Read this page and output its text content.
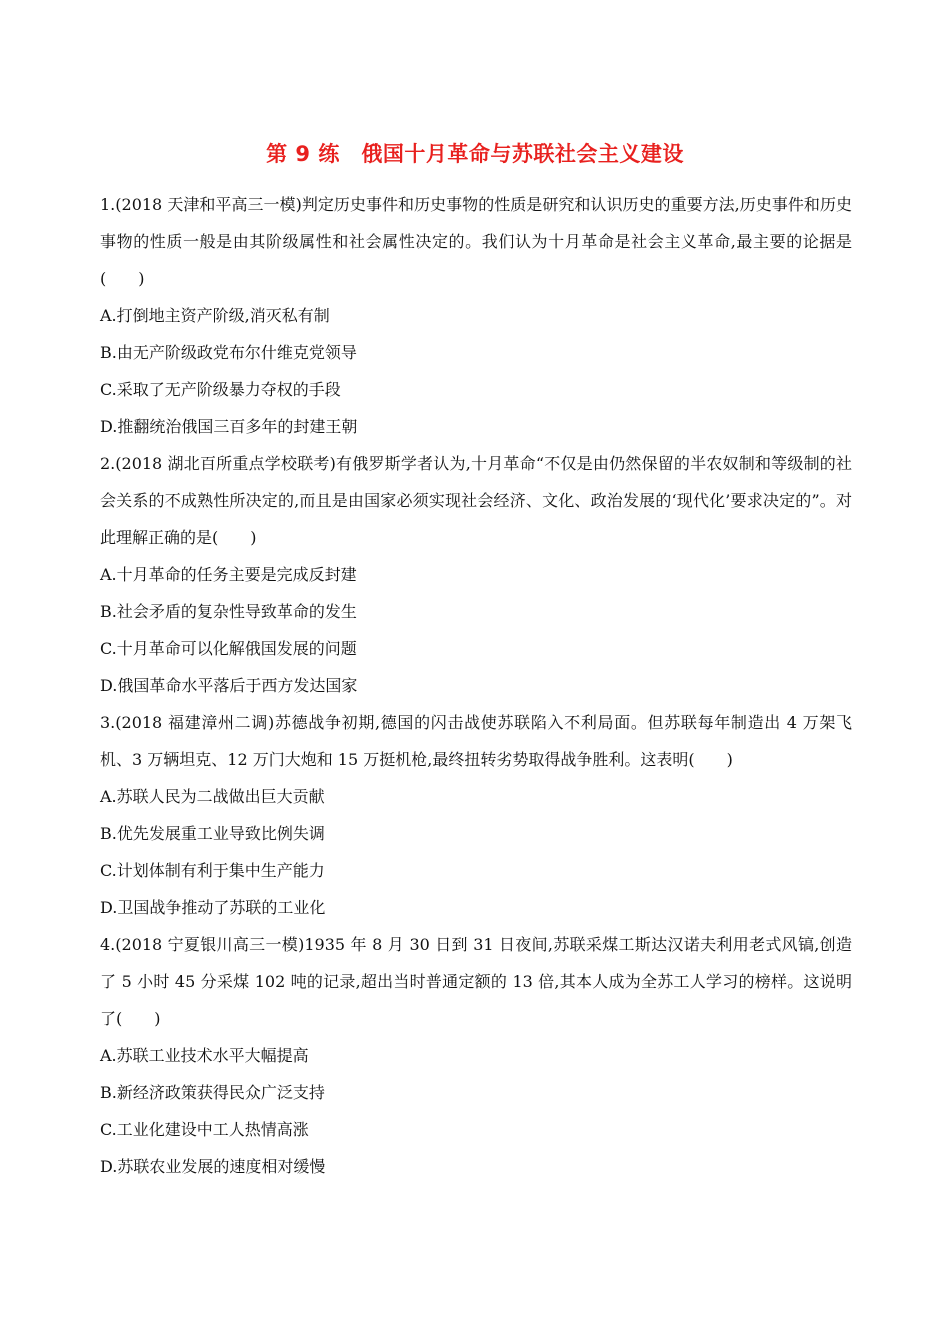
第 9 练　俄国十月革命与苏联社会主义建设

1.(2018 天津和平高三一模)判定历史事件和历史事物的性质是研究和认识历史的重要方法,历史事件和历史事物的性质一般是由其阶级属性和社会属性决定的。我们认为十月革命是社会主义革命,最主要的论据是(　　)

A.打倒地主资产阶级,消灭私有制

B.由无产阶级政党布尔什维克党领导

C.采取了无产阶级暴力夺权的手段

D.推翻统治俄国三百多年的封建王朝

2.(2018 湖北百所重点学校联考)有俄罗斯学者认为,十月革命“不仅是由仍然保留的半农奴制和等级制的社会关系的不成熟性所决定的,而且是由国家必须实现社会经济、文化、政治发展的‘现代化’要求决定的”。对此理解正确的是(　　)

A.十月革命的任务主要是完成反封建

B.社会矛盾的复杂性导致革命的发生

C.十月革命可以化解俄国发展的问题

D.俄国革命水平落后于西方发达国家

3.(2018 福建漳州二调)苏德战争初期,德国的闪击战使苏联陷入不利局面。但苏联每年制造出 4 万架飞机、3 万辆坦克、12 万门大炮和 15 万挺机枪,最终扭转劣势取得战争胜利。这表明(　　)

A.苏联人民为二战做出巨大贡献

B.优先发展重工业导致比例失调

C.计划体制有利于集中生产能力

D.卫国战争推动了苏联的工业化

4.(2018 宁夏银川高三一模)1935 年 8 月 30 日到 31 日夜间,苏联采煤工斯达汉诺夫利用老式风镐,创造了 5 小时 45 分采煤 102 吨的记录,超出当时普通定额的 13 倍,其本人成为全苏工人学习的榜样。这说明了(　　)

A.苏联工业技术水平大幅提高

B.新经济政策获得民众广泛支持

C.工业化建设中工人热情高涨

D.苏联农业发展的速度相对缓慢
